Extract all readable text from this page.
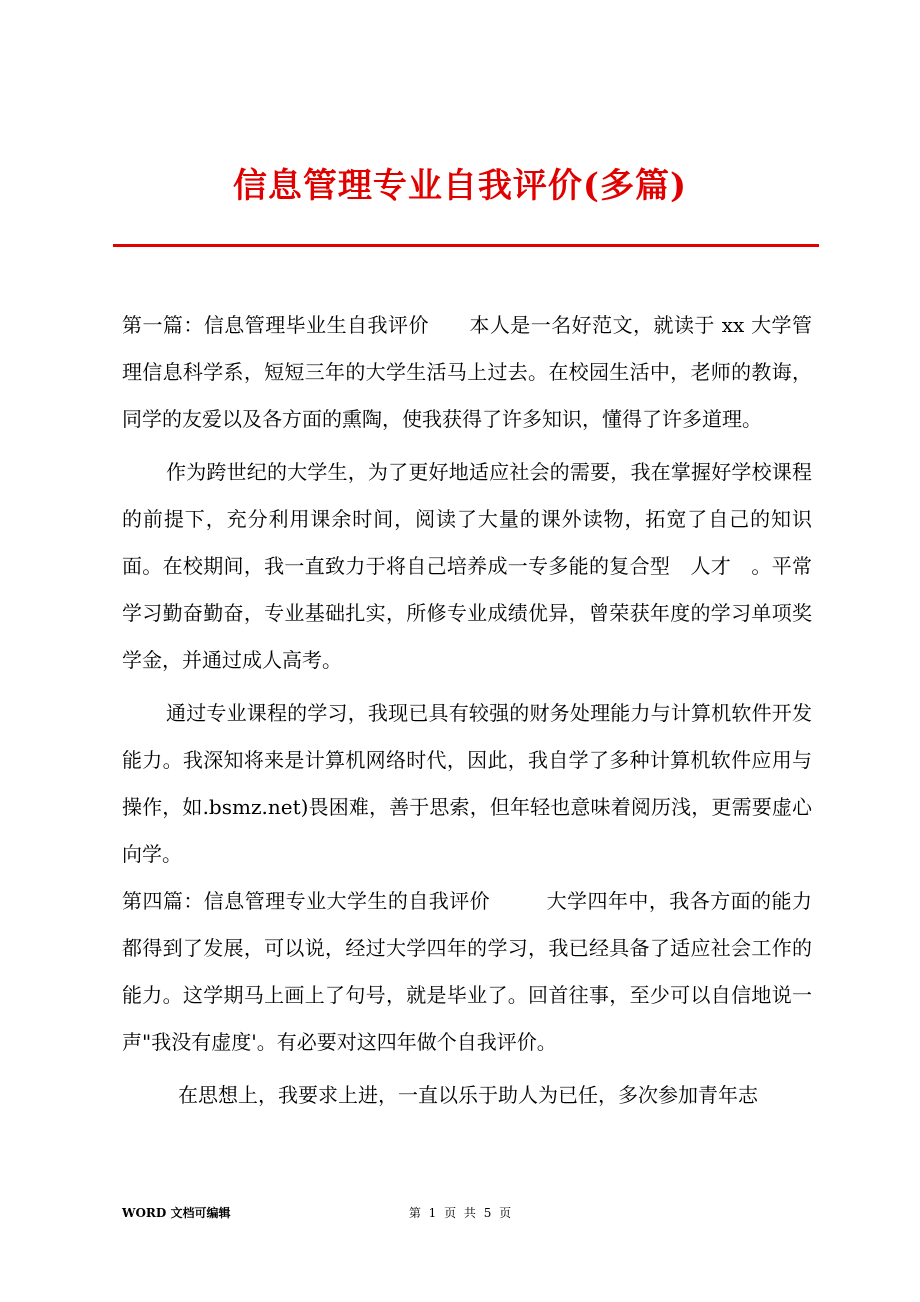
信息管理专业自我评价(多篇)

第一篇：信息管理毕业生自我评价 本人是一名好范文，就读于 xx 大学管理信息科学系，短短三年的大学生活马上过去。在校园生活中，老师的教诲，同学的友爱以及各方面的熏陶，使我获得了许多知识，懂得了许多道理。

作为跨世纪的大学生，为了更好地适应社会的需要，我在掌握好学校课程的前提下，充分利用课余时间，阅读了大量的课外读物，拓宽了自己的知识面。在校期间，我一直致力于将自己培养成一专多能的复合型　人才　。平常学习勤奋勤奋，专业基础扎实，所修专业成绩优异，曾荣获年度的学习单项奖学金，并通过成人高考。

通过专业课程的学习，我现已具有较强的财务处理能力与计算机软件开发能力。我深知将来是计算机网络时代，因此，我自学了多种计算机软件应用与操作，如.bsmz.net)畏困难，善于思索，但年轻也意味着阅历浅，更需要虚心向学。

第四篇：信息管理专业大学生的自我评价	大学四年中，我各方面的能力都得到了发展，可以说，经过大学四年的学习，我已经具备了适应社会工作的能力。这学期马上画上了句号，就是毕业了。回首往事，至少可以自信地说一声"我没有虚度'。有必要对这四年做个自我评价。

在思想上，我要求上进，一直以乐于助人为已任，多次参加青年志

WORD 文档可编辑	第 1 页 共 5 页
